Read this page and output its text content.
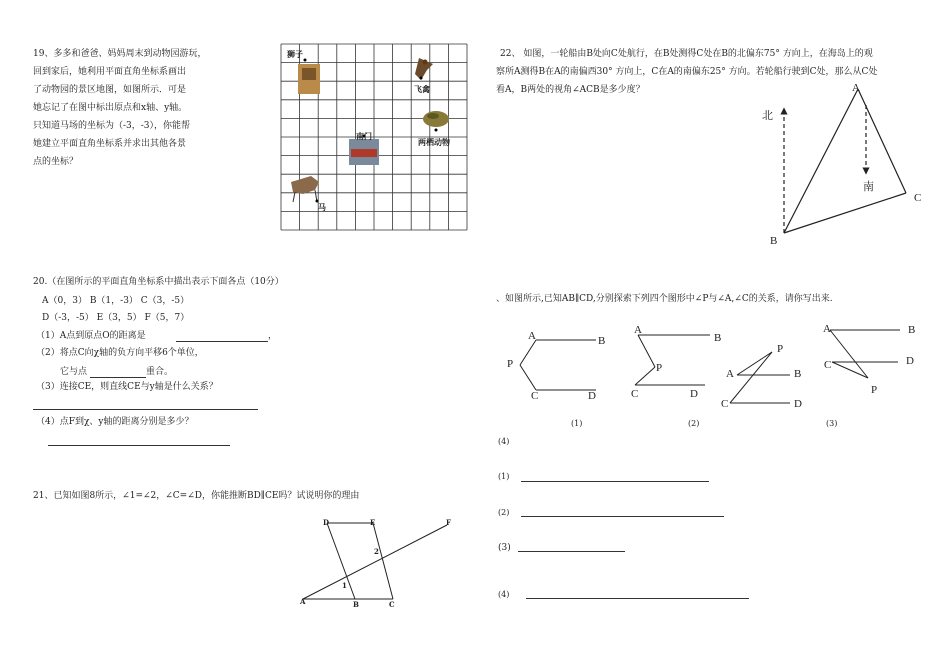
19、多多和爸爸、妈妈周末到动物园游玩，
回到家后，她利用平面直角坐标系画出
了动物园的景区地图，如图所示．可是
她忘记了在图中标出原点和x轴、y轴。
只知道马场的坐标为（-3，-3），你能帮
她建立平面直角坐标系并求出其他各景
点的坐标？
狮子
飞禽
南门
两栖动物
马
20.（在图所示的平面直角坐标系中描出表示下面各点（10分）
A（0，3） B（1，-3） C（3，-5）
D（-3，-5） E（3，5） F（5，7）
（1）A点到原点O的距离是	，
（2）将点C向χ轴的负方向平移6个单位，
它与点	重合。
（3）连接CE，则直线CE与y轴是什么关系？
（4）点F到χ、y轴的距离分别是多少？
21、已知如图8所示，∠1=∠2，∠C=∠D，你能推断BD∥CE吗？试说明你的理由
D	E	F
A	B	C
1
2
22、 如图，一轮船由B处向C处航行，在B处测得C处在B的北偏东75° 方向上，在海岛上的观
察所A测得B在A的南偏西30° 方向上，C在A的南偏东25° 方向。若轮船行驶到C处，那么从C处
看A，B两处的视角∠ACB是多少度？
北
南
A
B
C
、如图所示,已知AB∥CD,分别探索下列四个图形中∠P与∠A,∠C的关系，请你写出来.
A	B
P
C	D
A
B
P
C	D
P
A	B
C	D
A	B
C	D
P
(1)	(2)	(3)
(4)
(1)
(2)
(3)
(4)
